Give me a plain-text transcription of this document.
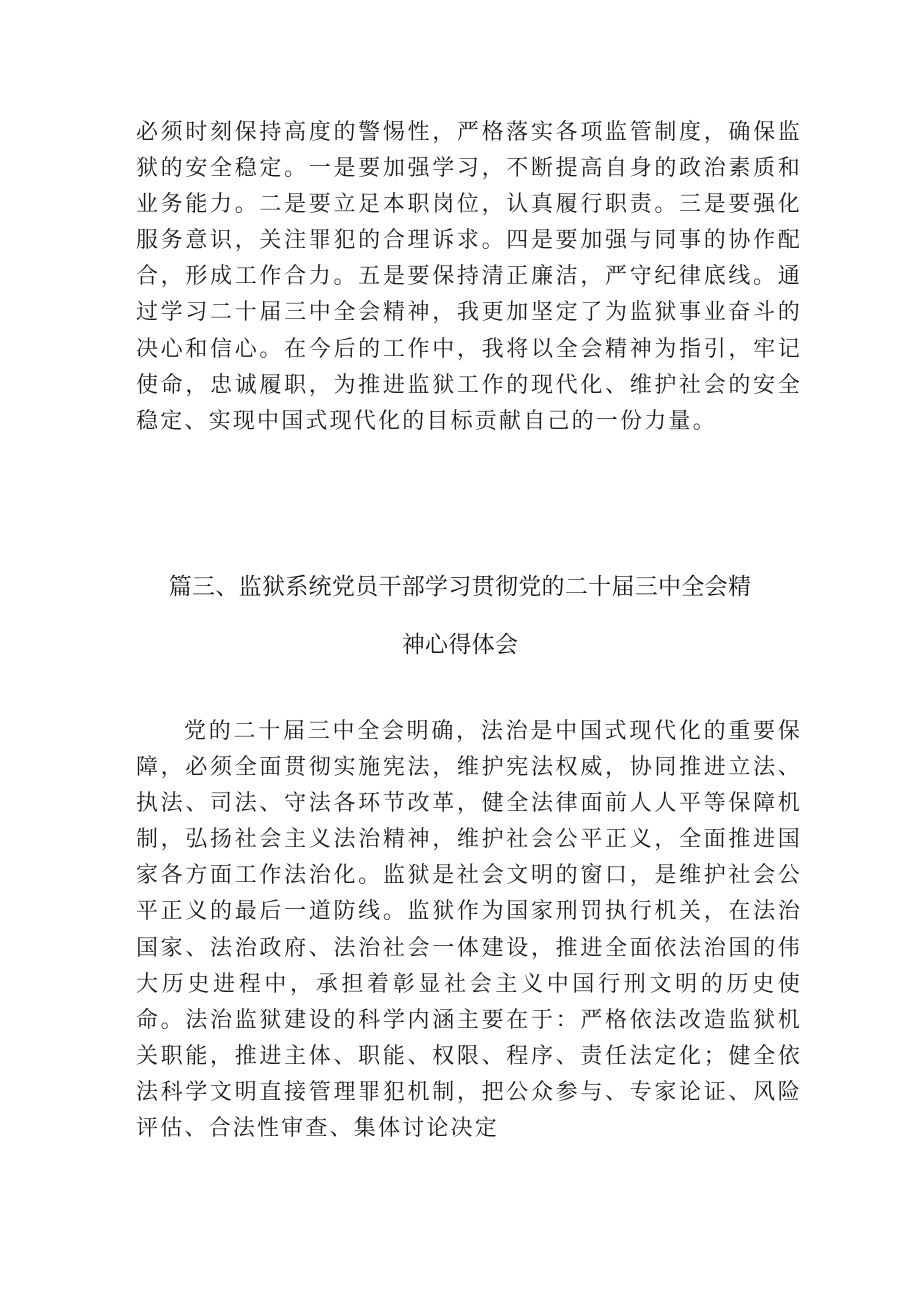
必须时刻保持高度的警惕性，严格落实各项监管制度，确保监狱的安全稳定。一是要加强学习，不断提高自身的政治素质和业务能力。二是要立足本职岗位，认真履行职责。三是要强化服务意识，关注罪犯的合理诉求。四是要加强与同事的协作配合，形成工作合力。五是要保持清正廉洁，严守纪律底线。通过学习二十届三中全会精神，我更加坚定了为监狱事业奋斗的决心和信心。在今后的工作中，我将以全会精神为指引，牢记使命，忠诚履职，为推进监狱工作的现代化、维护社会的安全稳定、实现中国式现代化的目标贡献自己的一份力量。

篇三、监狱系统党员干部学习贯彻党的二十届三中全会精
神心得体会

党的二十届三中全会明确，法治是中国式现代化的重要保障，必须全面贯彻实施宪法，维护宪法权威，协同推进立法、执法、司法、守法各环节改革，健全法律面前人人平等保障机制，弘扬社会主义法治精神，维护社会公平正义，全面推进国家各方面工作法治化。监狱是社会文明的窗口，是维护社会公平正义的最后一道防线。监狱作为国家刑罚执行机关，在法治国家、法治政府、法治社会一体建设，推进全面依法治国的伟大历史进程中，承担着彰显社会主义中国行刑文明的历史使命。法治监狱建设的科学内涵主要在于：严格依法改造监狱机关职能，推进主体、职能、权限、程序、责任法定化；健全依法科学文明直接管理罪犯机制，把公众参与、专家论证、风险评估、合法性审查、集体讨论决定
